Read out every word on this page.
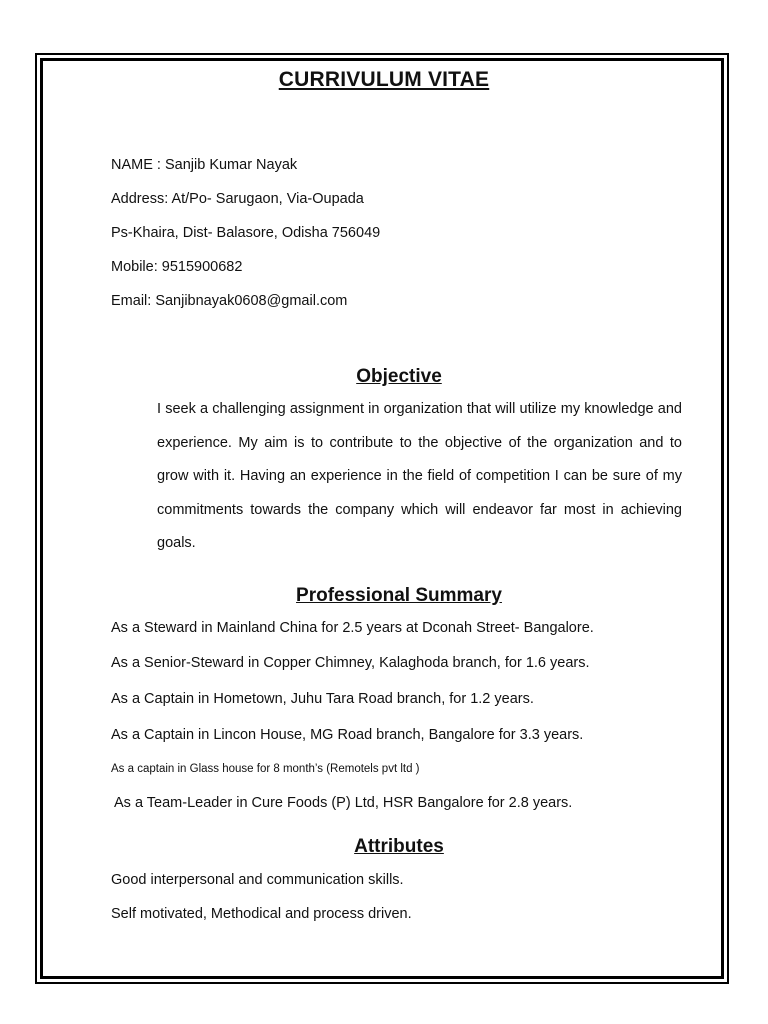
CURRIVULUM VITAE

NAME : Sanjib Kumar Nayak

Address: At/Po- Sarugaon, Via-Oupada

Ps-Khaira, Dist- Balasore, Odisha 756049

Mobile: 9515900682

Email: Sanjibnayak0608@gmail.com

Objective

I seek a challenging assignment in organization that will utilize my knowledge and experience. My aim is to contribute to the objective of the organization and to grow with it. Having an experience in the field of competition I can be sure of my commitments towards the company which will endeavor far most in achieving goals.

Professional Summary

As a Steward in Mainland China for 2.5 years at Dconah Street- Bangalore.

As a Senior-Steward in Copper Chimney, Kalaghoda branch, for 1.6 years.

As a Captain in Hometown, Juhu Tara Road branch, for 1.2 years.

As a Captain in Lincon House, MG Road branch, Bangalore for 3.3 years.

As a captain in Glass house for 8 month’s (Remotels pvt ltd )

As a Team-Leader in Cure Foods (P) Ltd, HSR Bangalore for 2.8 years.

Attributes

Good interpersonal and communication skills.

Self motivated, Methodical and process driven.
